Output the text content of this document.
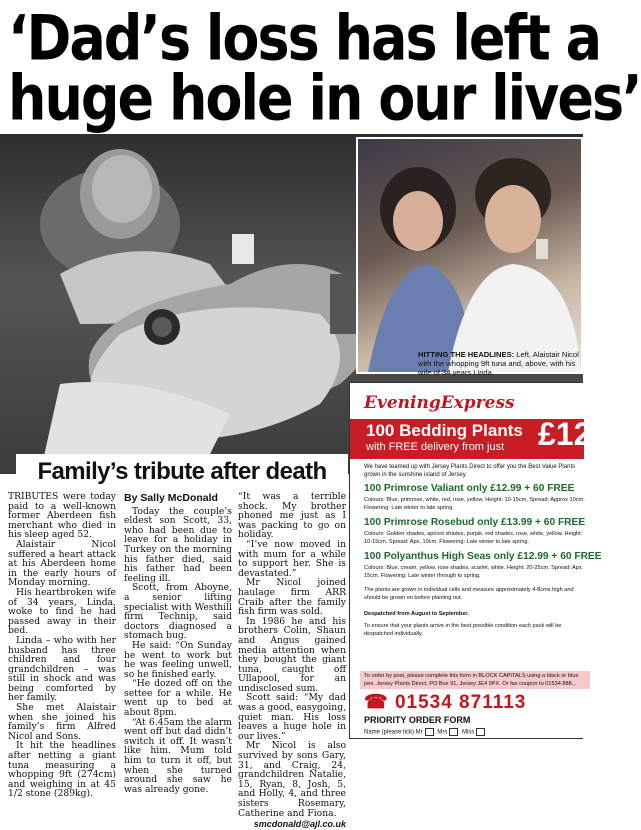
‘Dad’s loss has left a
huge hole in our lives’
HITTING THE HEADLINES: Left, Alaistair Nicol with the whopping 9ft tuna and, above, with his wife of 34 years Linda.
Family’s tribute after death

TRIBUTES were today paid to a well-known former Aberdeen fish merchant who died in his sleep aged 52.

Alaistair Nicol suffered a heart attack at his Aberdeen home in the early hours of Monday morning.

His heartbroken wife of 34 years, Linda, woke to find he had passed away in their bed.

Linda – who with her husband has three children and four grandchildren – was still in shock and was being comforted by her family.

She met Alaistair when she joined his family’s firm Alfred Nicol and Sons.

It hit the headlines after netting a giant tuna measuring a whopping 9ft (274cm) and weighing in at 45 1/2 stone (289kg).

By Sally McDonald

Today the couple’s eldest son Scott, 33, who had been due to leave for a holiday in Turkey on the morning his father died, said his father had been feeling ill.

Scott, from Aboyne, a senior lifting specialist with Westhill firm Technip, said doctors diagnosed a stomach bug.

He said: “On Sunday he went to work but he was feeling unwell, so he finished early.

“He dozed off on the settee for a while. He went up to bed at about 8pm.

“At 6.45am the alarm went off but dad didn’t switch it off. It wasn’t like him. Mum told him to turn it off, but when she turned around she saw he was already gone.

“It was a terrible shock. My brother phoned me just as I was packing to go on holiday.

“I’ve now moved in with mum for a while to support her. She is devastated.”

Mr Nicol joined haulage firm ARR Craib after the family fish firm was sold.

In 1986 he and his brothers Colin, Shaun and Angus gained media attention when they bought the giant tuna, caught off Ullapool, for an undisclosed sum.

Scott said: “My dad was a good, easygoing, quiet man. His loss leaves a huge hole in our lives.”

Mr Nicol is also survived by sons Gary, 31, and Craig, 24, grandchildren Natalie, 15, Ryan, 8, Josh, 5, and Holly, 4, and three sisters Rosemary, Catherine and Fiona.

smcdonald@ajl.co.uk
EveningExpress
100 Bedding Plants
with FREE delivery from just £12.9
We have teamed up with Jersey Plants Direct to offer you the Best Value Plants grown in the sunshine island of Jersey.
100 Primrose Valiant only £12.99 + 60 FREE
Colours: Blue, primrose, white, red, rose, yellow. Height: 10-15cm, Spread: Approx 10cm. Flowering: Late winter to late spring.
100 Primrose Rosebud only £13.99 + 60 FREE
Colours: Golden shades, apricot shades, purple, red shades, rose, white, yellow. Height: 10-15cm. Spread: Apx. 10cm. Flowering: Late winter to late spring.
100 Polyanthus High Seas only £12.99 + 60 FREE
Colours: Blue, cream, yellow, rose shades, scarlet, white. Height: 20-25cm. Spread: Apx. 15cm. Flowering: Late winter through to spring.
The plants are grown in individual cells and measure approximately 4-8cms high and should be grown on before planting out.
Despatched from August to September.
To ensure that your plants arrive in the best possible condition each pack will be despatched individually.
To order by post, please complete this form in BLOCK CAPITALS using a black or blue pen. Jersey Plants Direct, PO Box 91, Jersey JE4 9PX. Or fax coupon to 01534 888...
☎ 01534 871113
PRIORITY ORDER FORM
Name (please tick) Mr Mrs Miss
